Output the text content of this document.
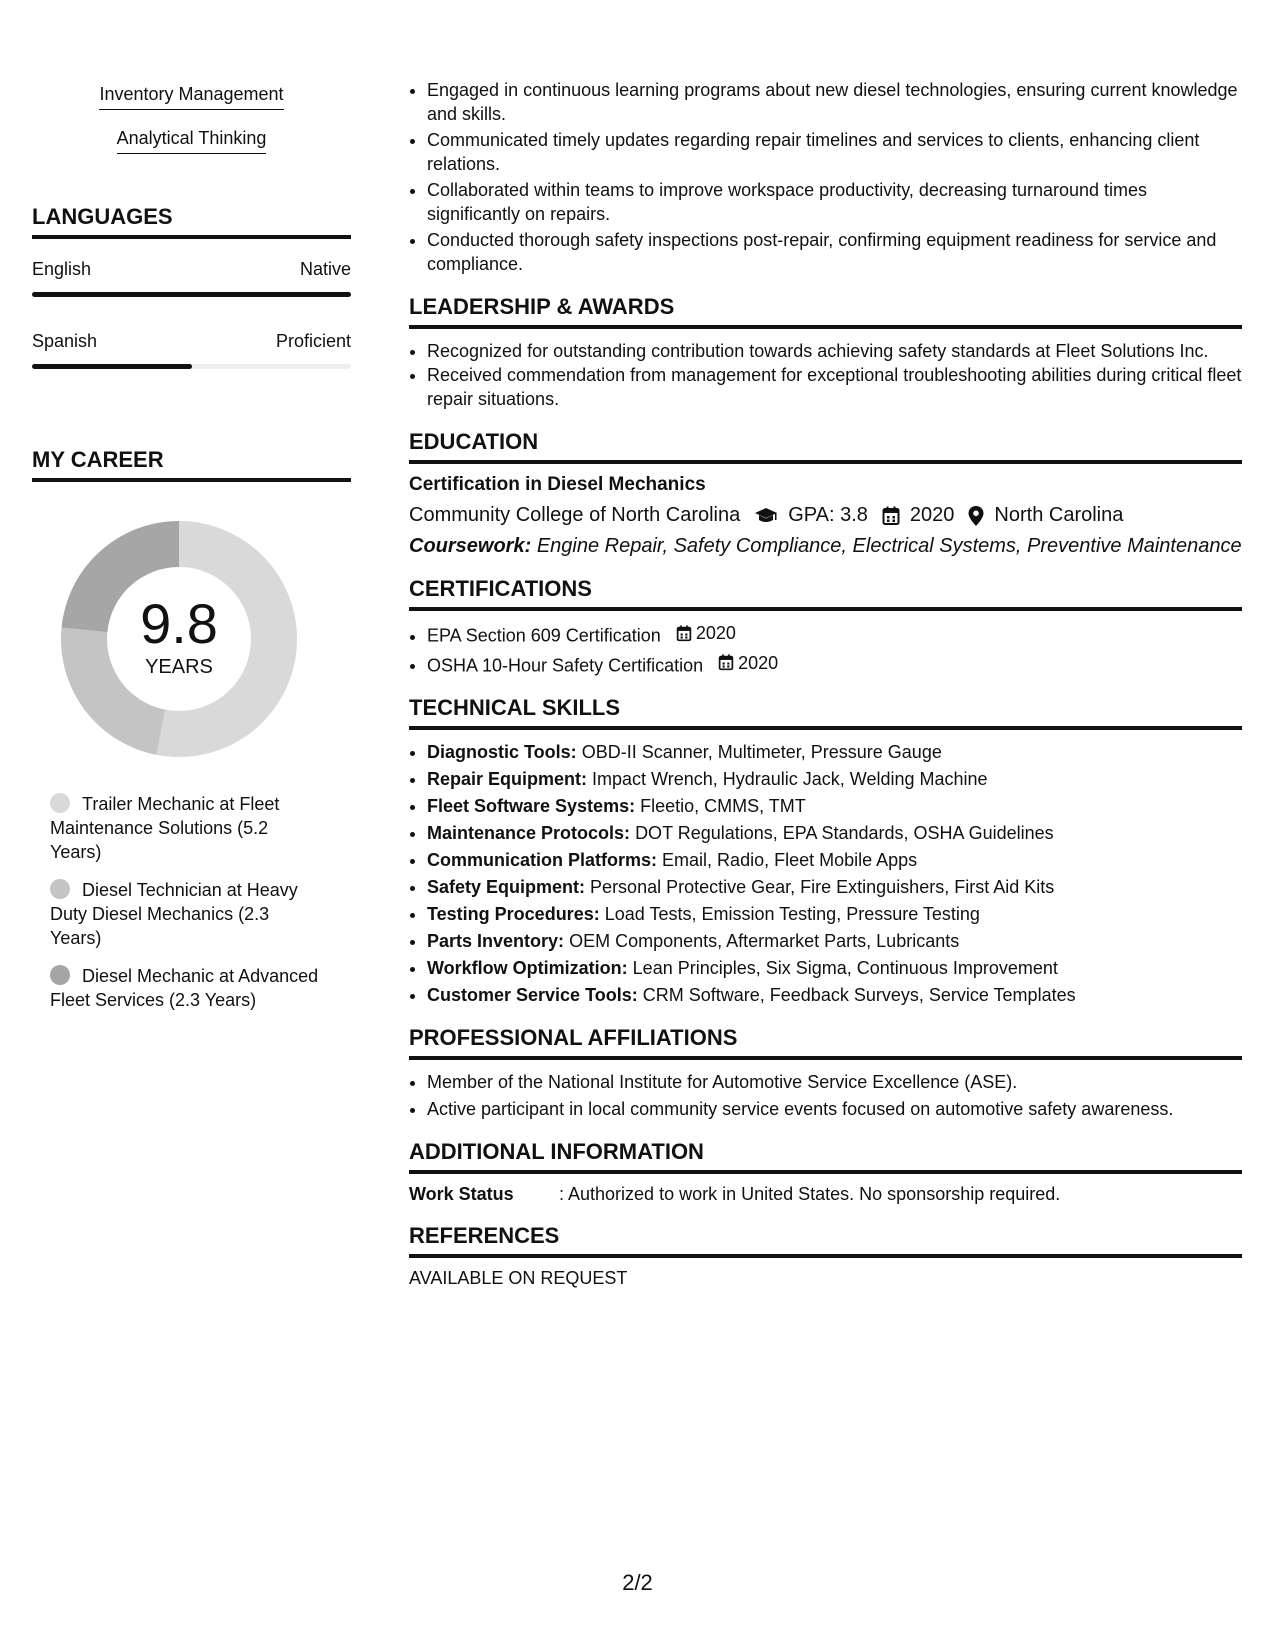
Inventory Management
Analytical Thinking
LANGUAGES
English	Native
Spanish	Proficient
MY CAREER
9.8
YEARS
Trailer Mechanic at Fleet Maintenance Solutions (5.2 Years)
Diesel Technician at Heavy Duty Diesel Mechanics (2.3 Years)
Diesel Mechanic at Advanced Fleet Services (2.3 Years)
• Engaged in continuous learning programs about new diesel technologies, ensuring current knowledge and skills.
• Communicated timely updates regarding repair timelines and services to clients, enhancing client relations.
• Collaborated within teams to improve workspace productivity, decreasing turnaround times significantly on repairs.
• Conducted thorough safety inspections post-repair, confirming equipment readiness for service and compliance.
LEADERSHIP & AWARDS
• Recognized for outstanding contribution towards achieving safety standards at Fleet Solutions Inc.
• Received commendation from management for exceptional troubleshooting abilities during critical fleet repair situations.
EDUCATION
Certification in Diesel Mechanics
Community College of North Carolina GPA: 3.8 2020 North Carolina
Coursework: Engine Repair, Safety Compliance, Electrical Systems, Preventive Maintenance
CERTIFICATIONS
• EPA Section 609 Certification 2020
• OSHA 10-Hour Safety Certification 2020
TECHNICAL SKILLS
• Diagnostic Tools: OBD-II Scanner, Multimeter, Pressure Gauge
• Repair Equipment: Impact Wrench, Hydraulic Jack, Welding Machine
• Fleet Software Systems: Fleetio, CMMS, TMT
• Maintenance Protocols: DOT Regulations, EPA Standards, OSHA Guidelines
• Communication Platforms: Email, Radio, Fleet Mobile Apps
• Safety Equipment: Personal Protective Gear, Fire Extinguishers, First Aid Kits
• Testing Procedures: Load Tests, Emission Testing, Pressure Testing
• Parts Inventory: OEM Components, Aftermarket Parts, Lubricants
• Workflow Optimization: Lean Principles, Six Sigma, Continuous Improvement
• Customer Service Tools: CRM Software, Feedback Surveys, Service Templates
PROFESSIONAL AFFILIATIONS
• Member of the National Institute for Automotive Service Excellence (ASE).
• Active participant in local community service events focused on automotive safety awareness.
ADDITIONAL INFORMATION
Work Status	: Authorized to work in United States. No sponsorship required.
REFERENCES
AVAILABLE ON REQUEST
2/2
